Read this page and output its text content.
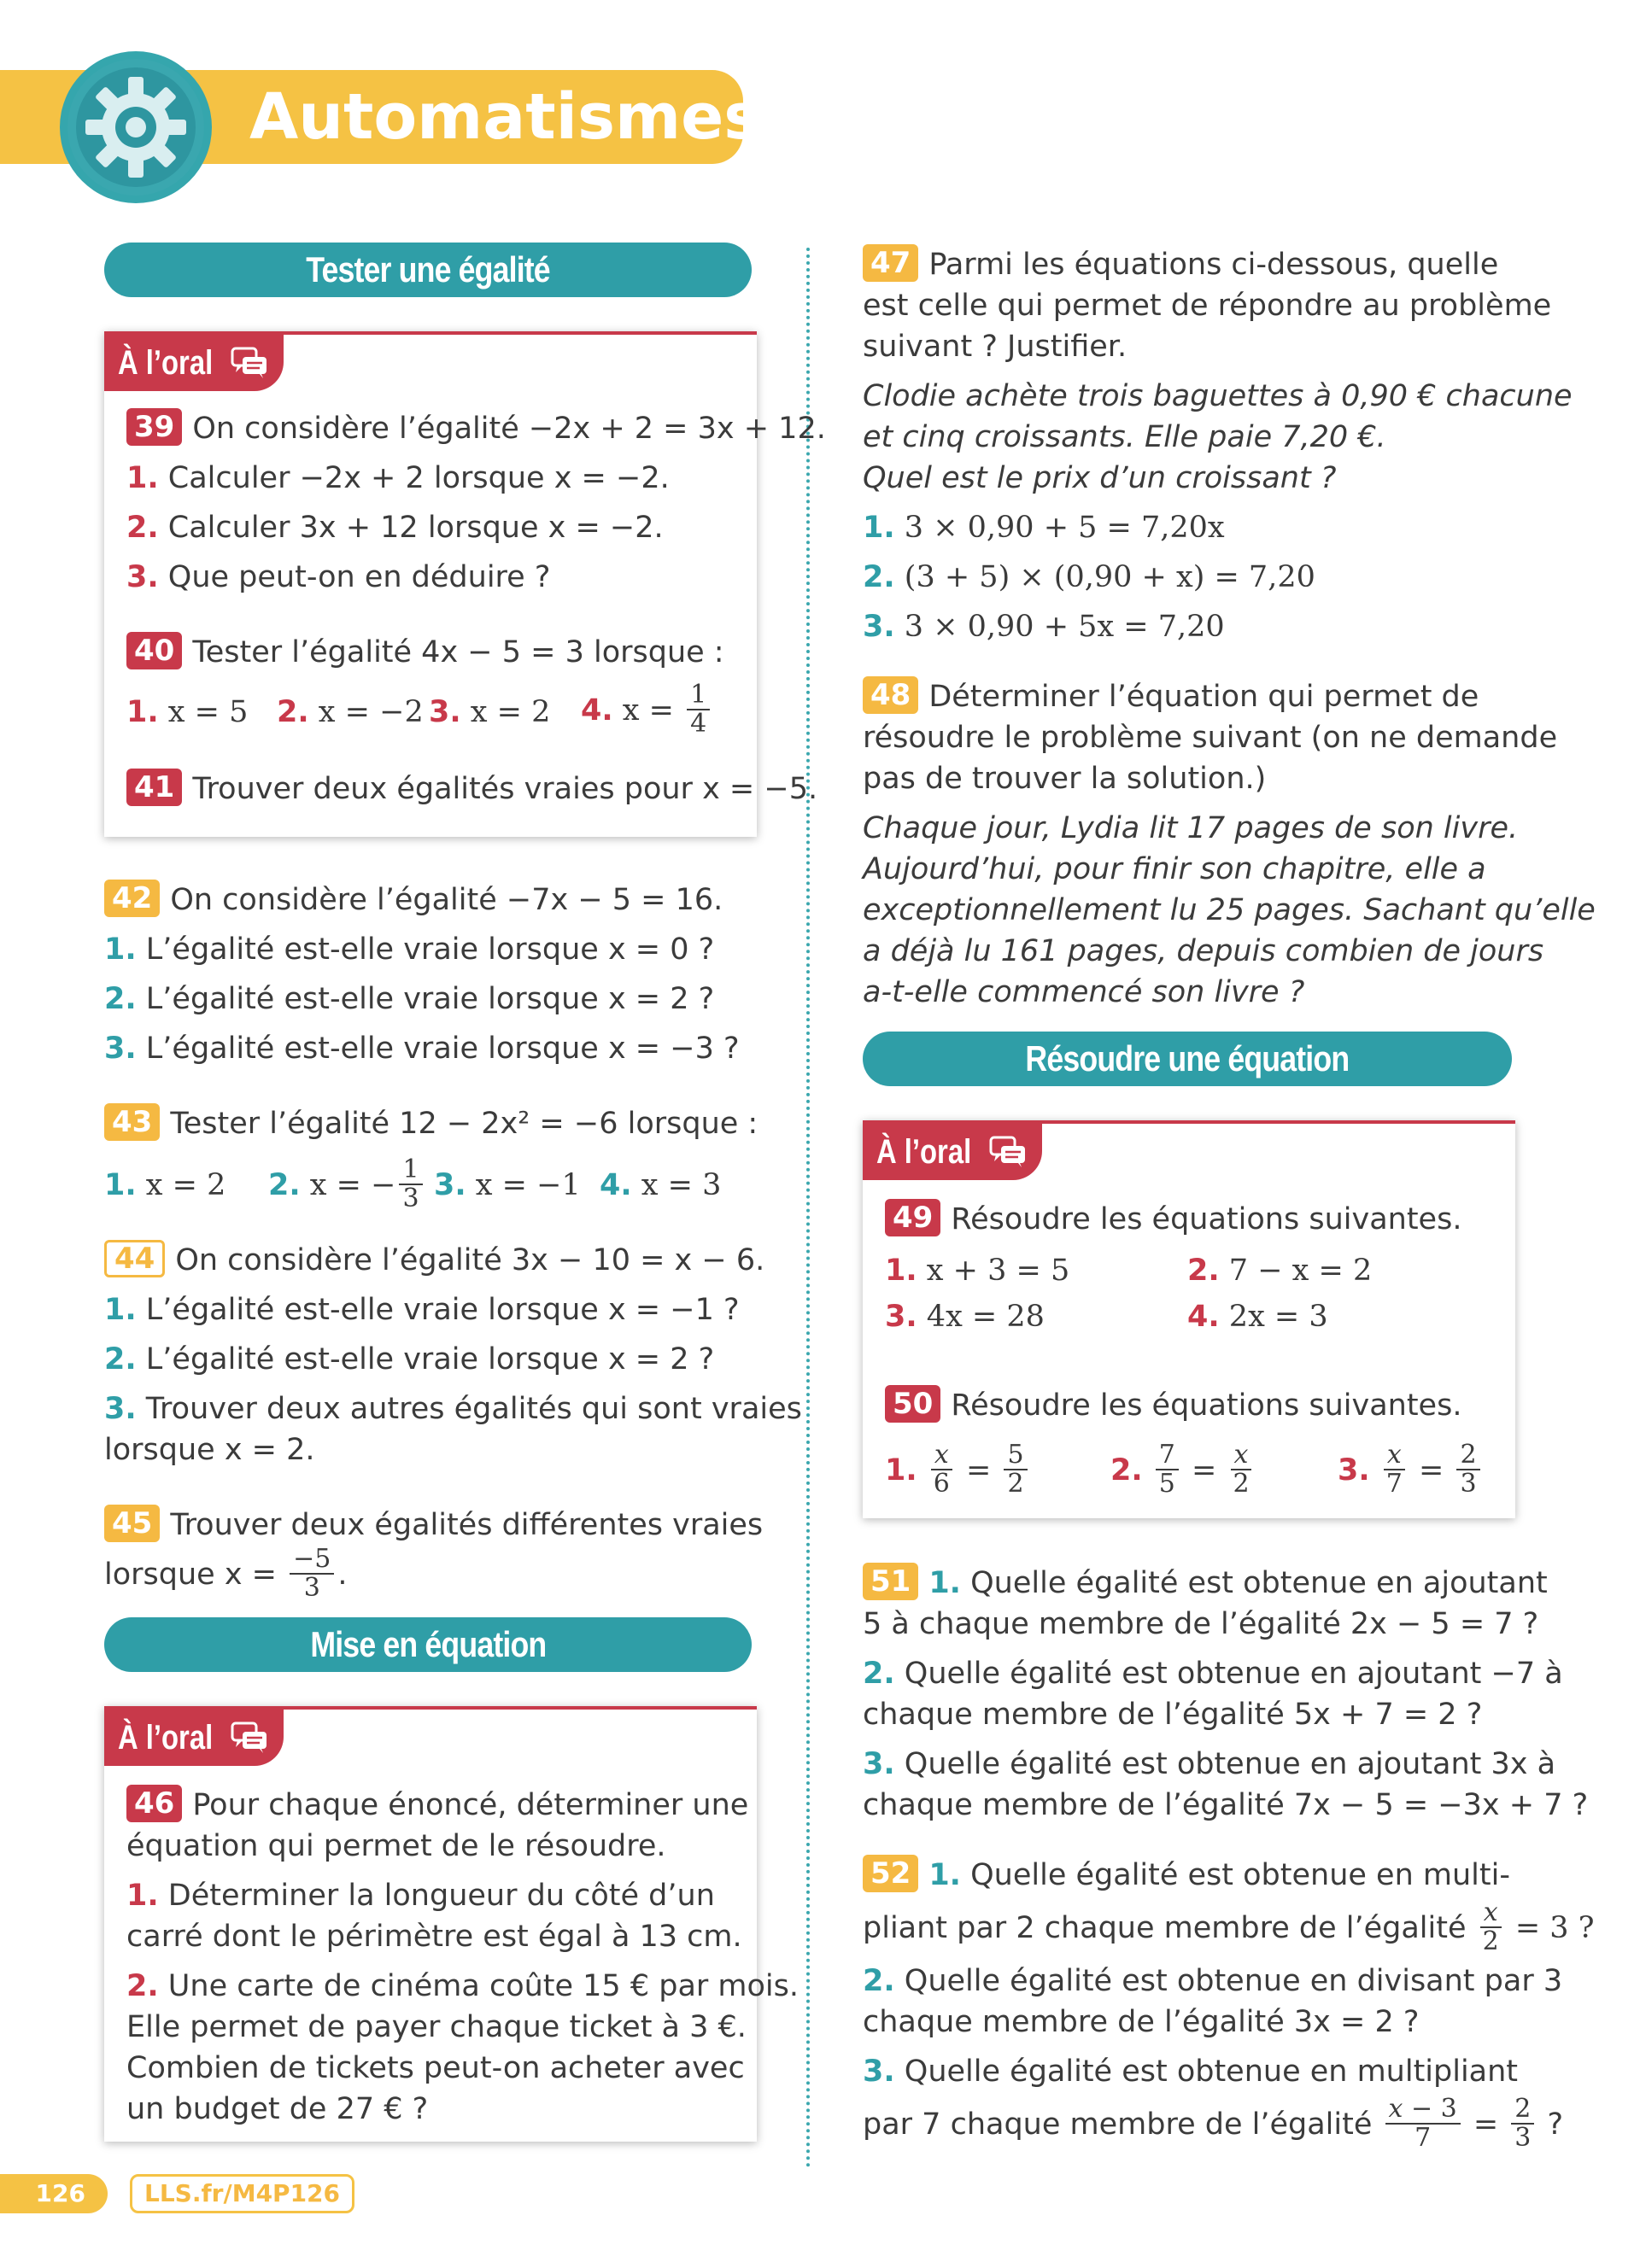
Automatismes
Tester une égalité
À l’oral
39 On considère l’égalité −2x + 2 = 3x + 12.
1. Calculer −2x + 2 lorsque x = −2.
2. Calculer 3x + 12 lorsque x = −2.
3. Que peut-on en déduire ?
40 Tester l’égalité 4x − 5 = 3 lorsque :
1. x = 5 2. x = −2 3. x = 2 4. $x = \frac{1}{4}$
41 Trouver deux égalités vraies pour x = −5.
42 On considère l’égalité −7x − 5 = 16.
1. L’égalité est-elle vraie lorsque x = 0 ?
2. L’égalité est-elle vraie lorsque x = 2 ?
3. L’égalité est-elle vraie lorsque x = −3 ?
43 Tester l’égalité 12 − 2x² = −6 lorsque :
1. x = 2 2. x = − $\frac{1}{3} 3$. x = −1 4. x = 3
44 On considère l’égalité 3x − 10 = x − 6.
1. L’égalité est-elle vraie lorsque x = −1 ?
2. L’égalité est-elle vraie lorsque x = 2 ?
3. Trouver deux autres égalités qui sont vraies
lorsque x = 2.
45 Trouver deux égalités différentes vraies
lorsque $x = \frac{-5}{3}$ .
Mise en équation
À l’oral
46 Pour chaque énoncé, déterminer une
équation qui permet de le résoudre.
1. Déterminer la longueur du côté d’un
carré dont le périmètre est égal à 13 cm.
2. Une carte de cinéma coûte 15 € par mois.
Elle permet de payer chaque ticket à 3 €.
Combien de tickets peut-on acheter avec
un budget de 27 € ?
47 Parmi les équations ci-dessous, quelle
est celle qui permet de répondre au problème
suivant ? Justifier.
Clodie achète trois baguettes à 0,90 € chacune
et cinq croissants. Elle paie 7,20 €.
Quel est le prix d’un croissant ?
1. 3 × 0,90 + 5 = 7,20x
2. (3 + 5) × (0,90 + x) = 7,20
3. 3 × 0,90 + 5x = 7,20
48 Déterminer l’équation qui permet de
résoudre le problème suivant (on ne demande
pas de trouver la solution.)
Chaque jour, Lydia lit 17 pages de son livre.
Aujourd’hui, pour finir son chapitre, elle a
exceptionnellement lu 25 pages. Sachant qu’elle
a déjà lu 161 pages, depuis combien de jours
a-t-elle commencé son livre ?
Résoudre une équation
À l’oral
49 Résoudre les équations suivantes.
1. x + 3 = 5	2. 7 − x = 2
3. 4x = 28	4. 2x = 3
50 Résoudre les équations suivantes.
1. $\frac{x}{6} = \frac{5}{2}$	2. $\frac{7}{5} = \frac{x}{2}$	3. $\frac{x}{7} = \frac{2}{3}$
51 1. Quelle égalité est obtenue en ajoutant
5 à chaque membre de l’égalité 2x − 5 = 7 ?
2. Quelle égalité est obtenue en ajoutant −7 à
chaque membre de l’égalité 5x + 7 = 2 ?
3. Quelle égalité est obtenue en ajoutant 3x à
chaque membre de l’égalité 7x − 5 = −3x + 7 ?
52 1. Quelle égalité est obtenue en multi-
pliant par 2 chaque membre de l’égalité $\frac{x}{2} = 3$ ?
2. Quelle égalité est obtenue en divisant par 3
chaque membre de l’égalité 3x = 2 ?
3. Quelle égalité est obtenue en multipliant
par 7 chaque membre de l’égalité $\frac{x - 3}{7} = \frac{2}{3}$ ?
126	LLS.fr/M4P126
